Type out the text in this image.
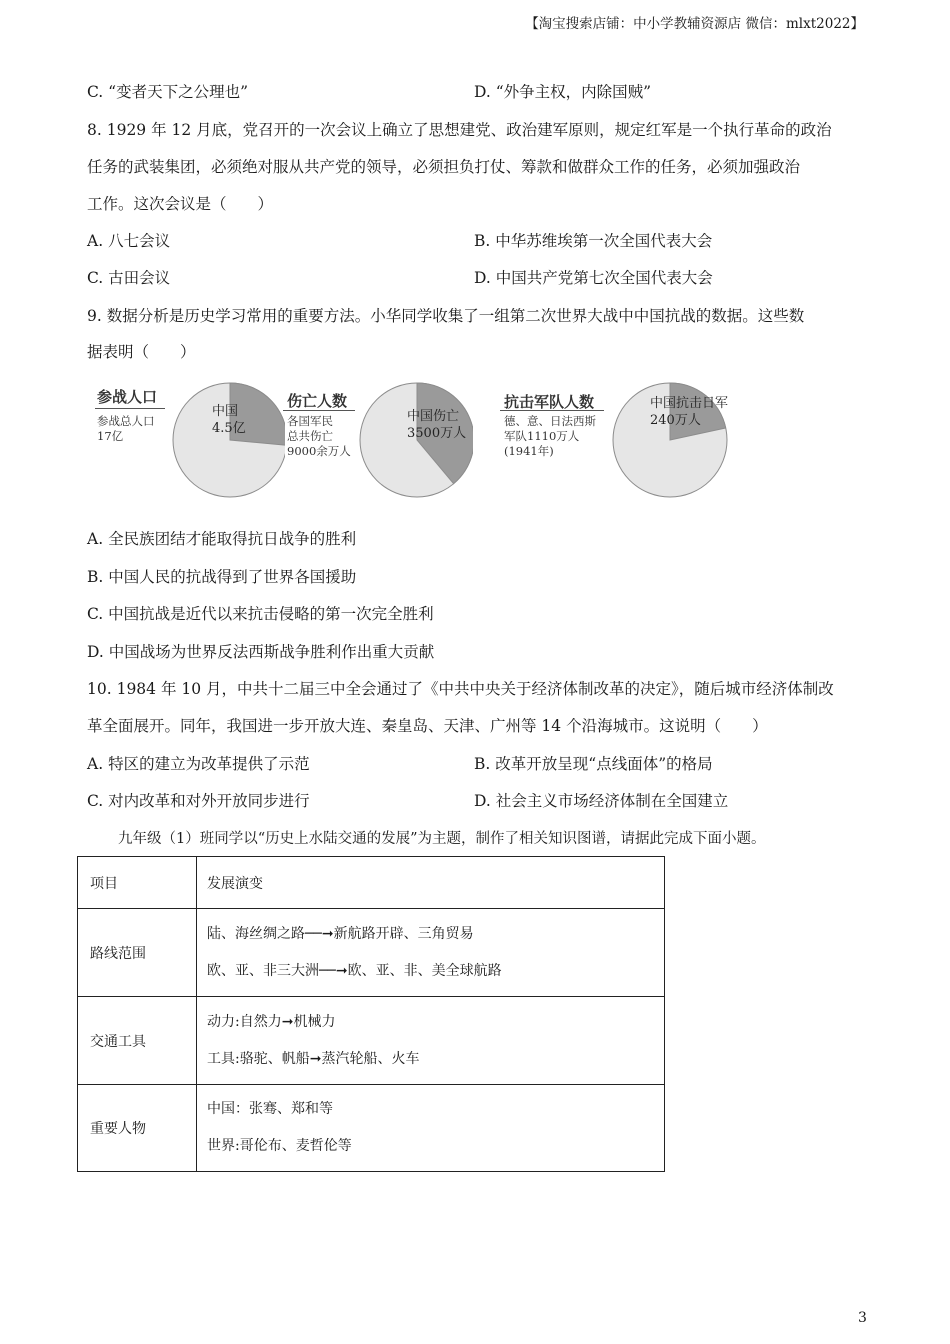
【淘宝搜索店铺：中小学教辅资源店 微信：mlxt2022】
C. “变者天下之公理也”	D. “外争主权，内除国贼”
8. 1929 年 12 月底，党召开的一次会议上确立了思想建党、政治建军原则，规定红军是一个执行革命的政治
任务的武装集团，必须绝对服从共产党的领导，必须担负打仗、筹款和做群众工作的任务，必须加强政治
工作。这次会议是（　　）
A. 八七会议	B. 中华苏维埃第一次全国代表大会
C. 古田会议	D. 中国共产党第七次全国代表大会
9. 数据分析是历史学习常用的重要方法。小华同学收集了一组第二次世界大战中中国抗战的数据。这些数
据表明（　　）
参战人口
参战总人口
17亿
中国
4.5亿
伤亡人数
各国军民
总共伤亡
9000余万人
中国伤亡
3500万人
抗击军队人数
德、意、日法西斯
军队1110万人
(1941年)
中国抗击日军
240万人
A. 全民族团结才能取得抗日战争的胜利
B. 中国人民的抗战得到了世界各国援助
C. 中国抗战是近代以来抗击侵略的第一次完全胜利
D. 中国战场为世界反法西斯战争胜利作出重大贡献
10. 1984 年 10 月，中共十二届三中全会通过了《中共中央关于经济体制改革的决定》，随后城市经济体制改
革全面展开。同年，我国进一步开放大连、秦皇岛、天津、广州等 14 个沿海城市。这说明（　　）
A. 特区的建立为改革提供了示范	B. 改革开放呈现“点线面体”的格局
C. 对内改革和对外开放同步进行	D. 社会主义市场经济体制在全国建立
九年级（1）班同学以“历史上水陆交通的发展”为主题，制作了相关知识图谱，请据此完成下面小题。
项目	发展演变
路线范围	陆、海丝绸之路──➞新航路开辟、三角贸易
欧、亚、非三大洲──➞欧、亚、非、美全球航路

交通工具	动力:自然力➞机械力
工具:骆驼、帆船➞蒸汽轮船、火车

重要人物	中国：张骞、郑和等
世界:哥伦布、麦哲伦等
3
